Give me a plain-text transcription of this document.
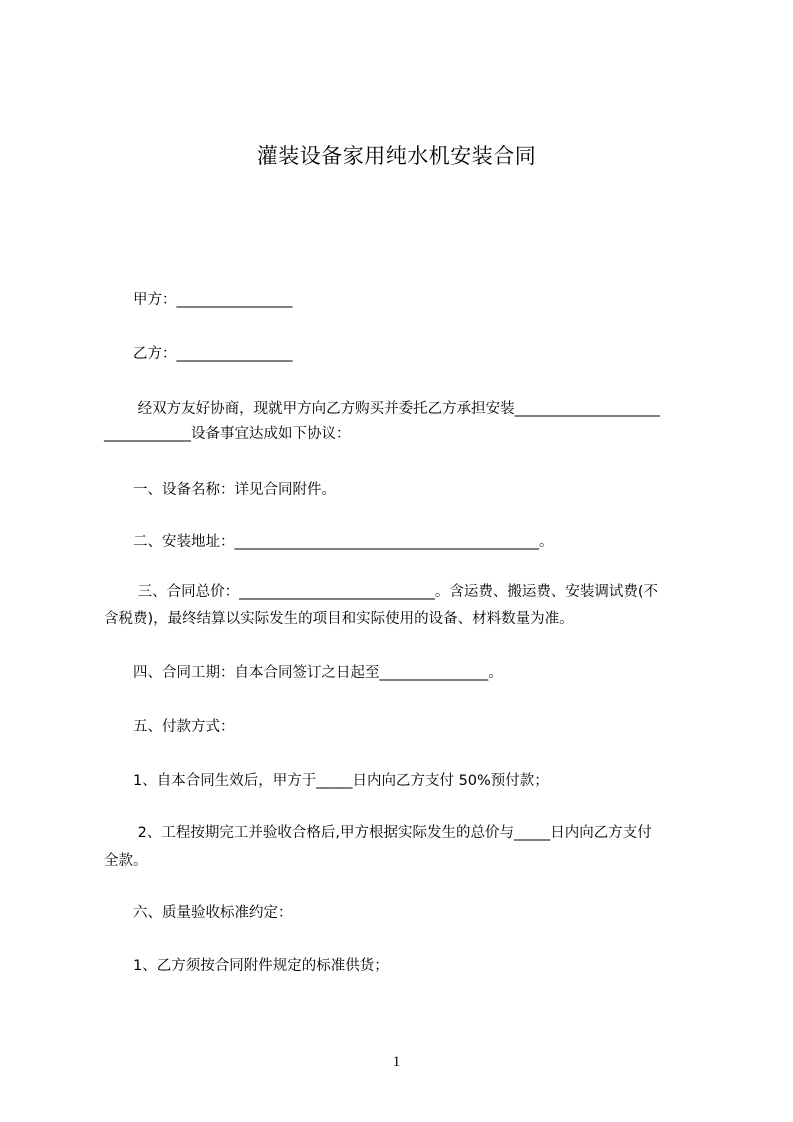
灌装设备家用纯水机安装合同
　　甲方：________________
　　乙方：________________
　　 经双方友好协商，现就甲方向乙方购买并委托乙方承担安装____________________
____________设备事宜达成如下协议：
　　一、设备名称：详见合同附件。
　　二、安装地址：__________________________________________。
　　 三、合同总价：___________________________。含运费、搬运费、安装调试费(不
含税费)，最终结算以实际发生的项目和实际使用的设备、材料数量为准。
　　四、合同工期：自本合同签订之日起至_______________。
　　五、付款方式：
　　1、自本合同生效后，甲方于_____日内向乙方支付 50%预付款；
　　 2、工程按期完工并验收合格后,甲方根据实际发生的总价与_____日内向乙方支付
全款。
　　六、质量验收标准约定：
　　1、乙方须按合同附件规定的标准供货；
1
